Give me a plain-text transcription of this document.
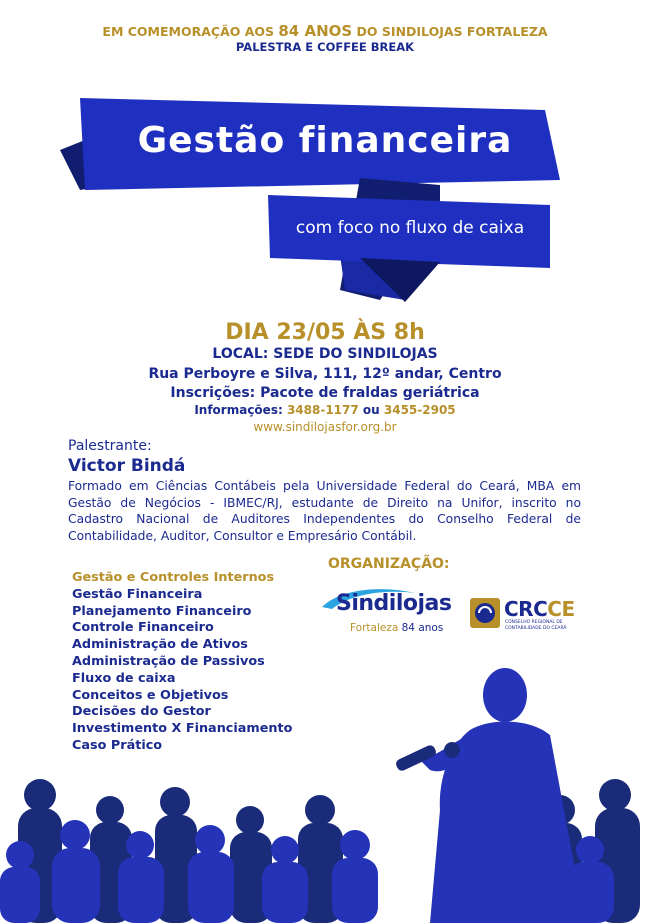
EM COMEMORAÇÃO AOS 84 ANOS DO SINDILOJAS FORTALEZA
PALESTRA E COFFEE BREAK
Gestão financeira
com foco no fluxo de caixa
DIA 23/05 ÀS 8h
LOCAL: SEDE DO SINDILOJAS
Rua Perboyre e Silva, 111, 12º andar, Centro
Inscrições: Pacote de fraldas geriátrica
Informações: 3488-1177 ou 3455-2905
www.sindilojasfor.org.br
Palestrante:
Victor Bindá
Formado em Ciências Contábeis pela Universidade Federal do Ceará, MBA em Gestão de Negócios - IBMEC/RJ, estudante de Direito na Unifor, inscrito no Cadastro Nacional de Auditores Independentes do Conselho Federal de Contabilidade, Auditor, Consultor e Empresário Contábil.
Gestão e Controles Internos
Gestão Financeira
Planejamento Financeiro
Controle Financeiro
Administração de Ativos
Administração de Passivos
Fluxo de caixa
Conceitos e Objetivos
Decisões do Gestor
Investimento X Financiamento
Caso Prático
ORGANIZAÇÃO:
Sindilojas
Fortaleza 84 anos
CRCCE
CONSELHO REGIONAL DE CONTABILIDADE DO CEARÁ
